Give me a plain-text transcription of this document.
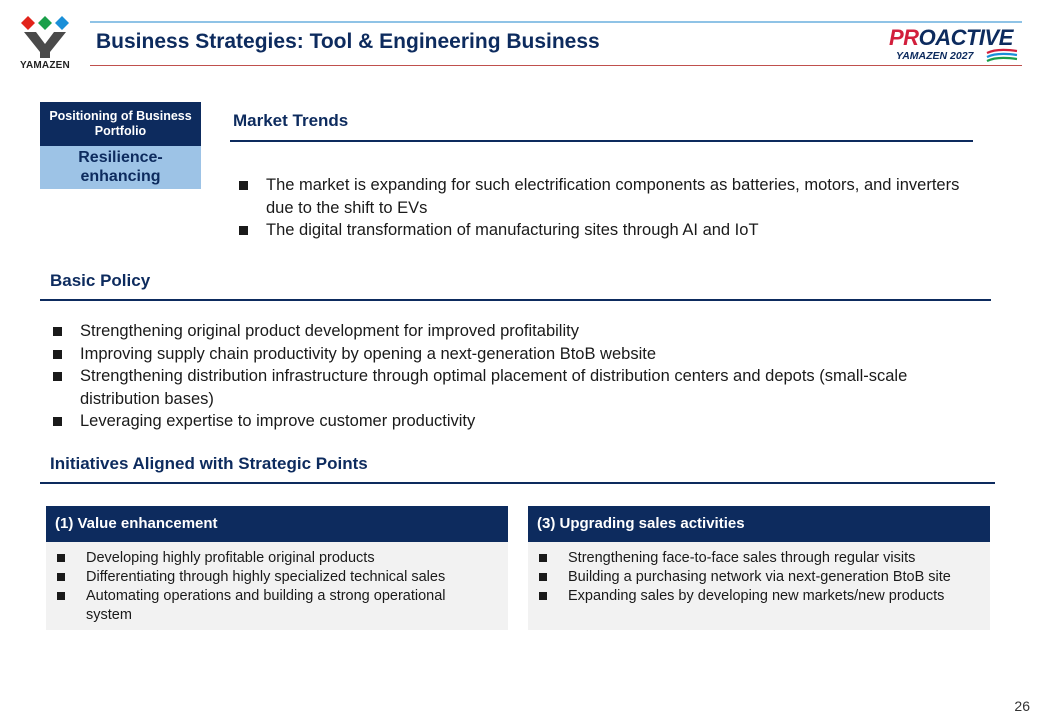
YAMAZEN
Business Strategies: Tool & Engineering Business	PROACTIVE
YAMAZEN 2027
Positioning of Business Portfolio
Resilience-enhancing
Market Trends
The market is expanding for such electrification components as batteries, motors, and inverters due to the shift to EVs
The digital transformation of manufacturing sites through AI and IoT
Basic Policy
Strengthening original product development for improved profitability
Improving supply chain productivity by opening a next-generation BtoB website
Strengthening distribution infrastructure through optimal placement of distribution centers and depots (small-scale distribution bases)
Leveraging expertise to improve customer productivity
Initiatives Aligned with Strategic Points
(1) Value enhancement
Developing highly profitable original products
Differentiating through highly specialized technical sales
Automating operations and building a strong operational system
(3) Upgrading sales activities
Strengthening face-to-face sales through regular visits
Building a purchasing network via next-generation BtoB site
Expanding sales by developing new markets/new products
26
